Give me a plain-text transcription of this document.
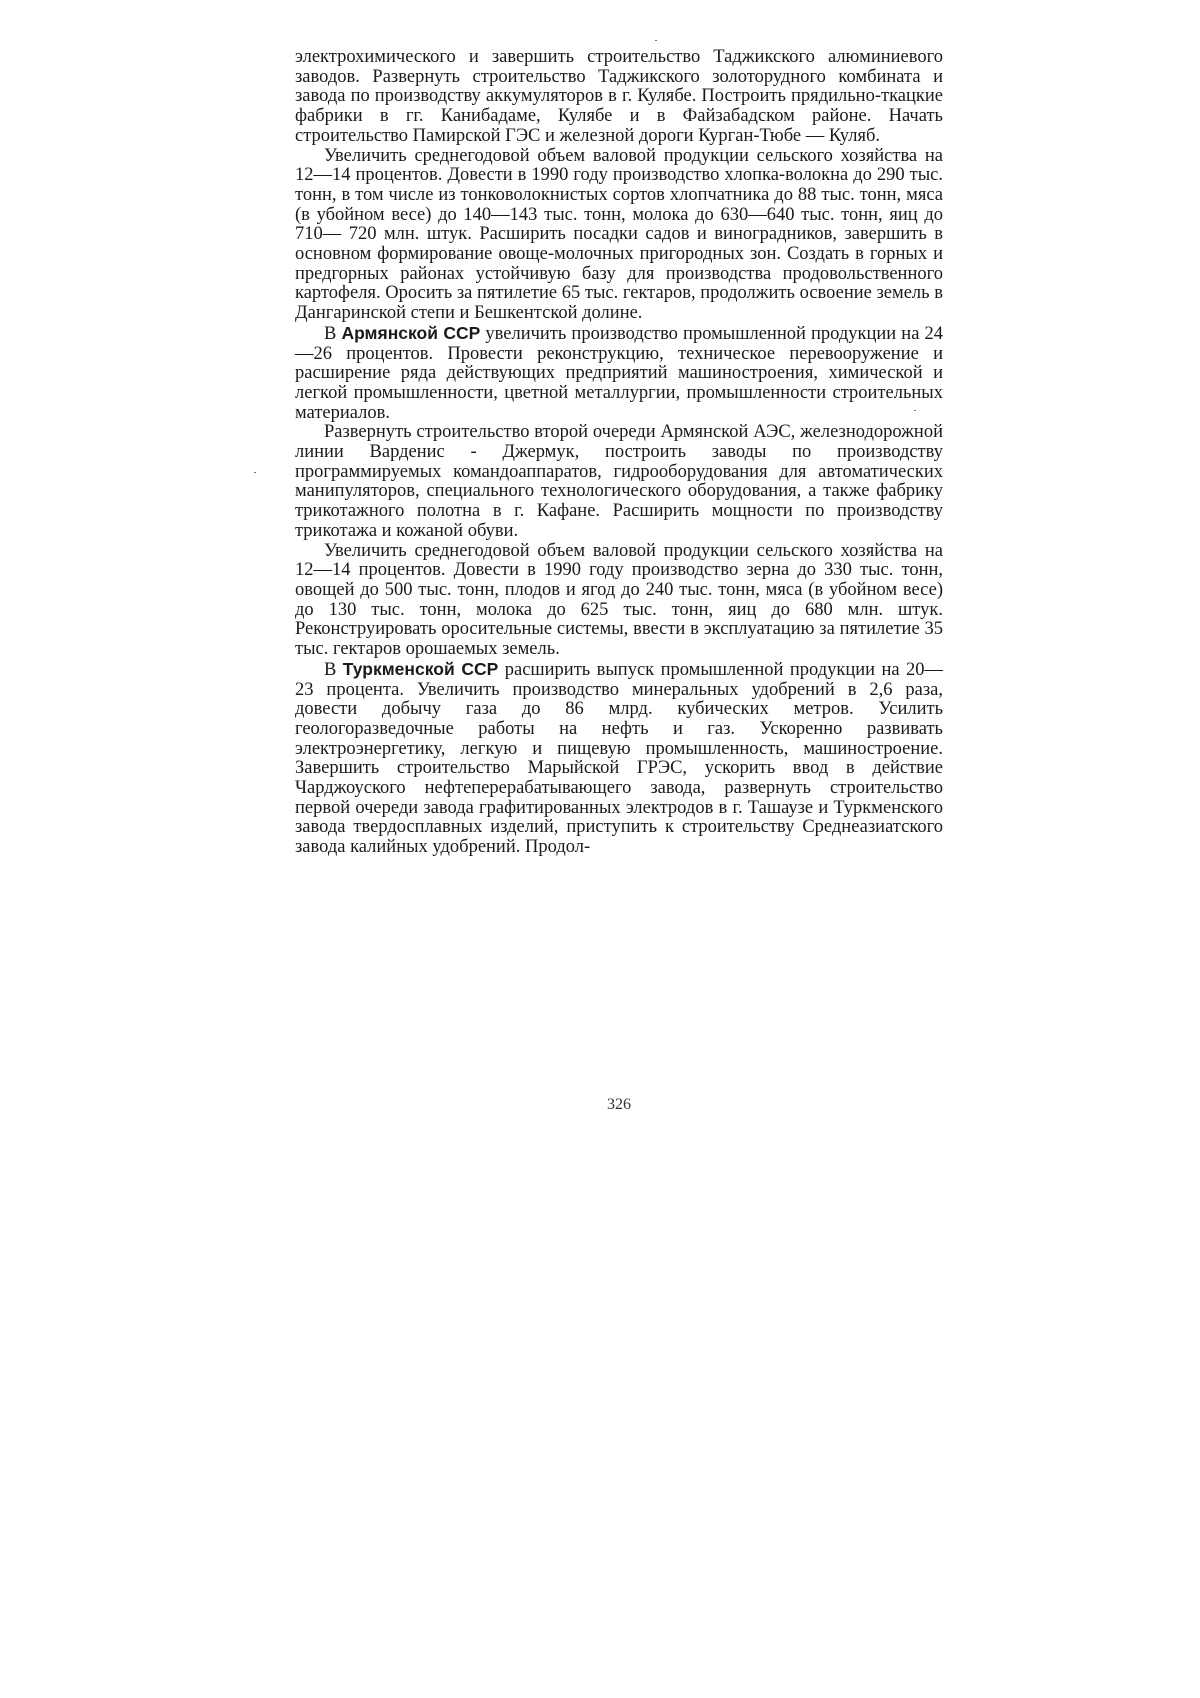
электрохимического и завершить строительство Таджикского алюминиевого заводов. Развернуть строительство Таджикского золоторудного комбината и завода по производству аккумуляторов в г. Кулябе. Построить прядильно-ткацкие фабрики в гг. Канибадаме, Кулябе и в Файзабадском районе. Начать строительство Памирской ГЭС и железной дороги Курган-Тюбе — Куляб.

Увеличить среднегодовой объем валовой продукции сельского хозяйства на 12—14 процентов. Довести в 1990 году производство хлопка-волокна до 290 тыс. тонн, в том числе из тонковолокнистых сортов хлопчатника до 88 тыс. тонн, мяса (в убойном весе) до 140—143 тыс. тонн, молока до 630—640 тыс. тонн, яиц до 710— 720 млн. штук. Расширить посадки садов и виноградников, завершить в основном формирование овоще-молочных пригородных зон. Создать в горных и предгорных районах устойчивую базу для производства продовольственного картофеля. Оросить за пятилетие 65 тыс. гектаров, продолжить освоение земель в Дангаринской степи и Бешкентской долине.

В Армянской ССР увеличить производство промышленной продукции на 24—26 процентов. Провести реконструкцию, техническое перевооружение и расширение ряда действующих предприятий машиностроения, химической и легкой промышленности, цветной металлургии, промышленности строительных материалов.

Развернуть строительство второй очереди Армянской АЭС, железнодорожной линии Варденис - Джермук, построить заводы по производству программируемых командоаппаратов, гидрооборудования для автоматических манипуляторов, специального технологического оборудования, а также фабрику трикотажного полотна в г. Кафане. Расширить мощности по производству трикотажа и кожаной обуви.

Увеличить среднегодовой объем валовой продукции сельского хозяйства на 12—14 процентов. Довести в 1990 году производство зерна до 330 тыс. тонн, овощей до 500 тыс. тонн, плодов и ягод до 240 тыс. тонн, мяса (в убойном весе) до 130 тыс. тонн, молока до 625 тыс. тонн, яиц до 680 млн. штук. Реконструировать оросительные системы, ввести в эксплуатацию за пятилетие 35 тыс. гектаров орошаемых земель.

В Туркменской ССР расширить выпуск промышленной продукции на 20—23 процента. Увеличить производство минеральных удобрений в 2,6 раза, довести добычу газа до 86 млрд. кубических метров. Усилить геологоразведочные работы на нефть и газ. Ускоренно развивать электроэнергетику, легкую и пищевую промышленность, машиностроение. Завершить строительство Марыйской ГРЭС, ускорить ввод в действие Чарджоуского нефтеперерабатывающего завода, развернуть строительство первой очереди завода графитированных электродов в г. Ташаузе и Туркменского завода твердосплавных изделий, приступить к строительству Среднеазиатского завода калийных удобрений. Продол-

326
